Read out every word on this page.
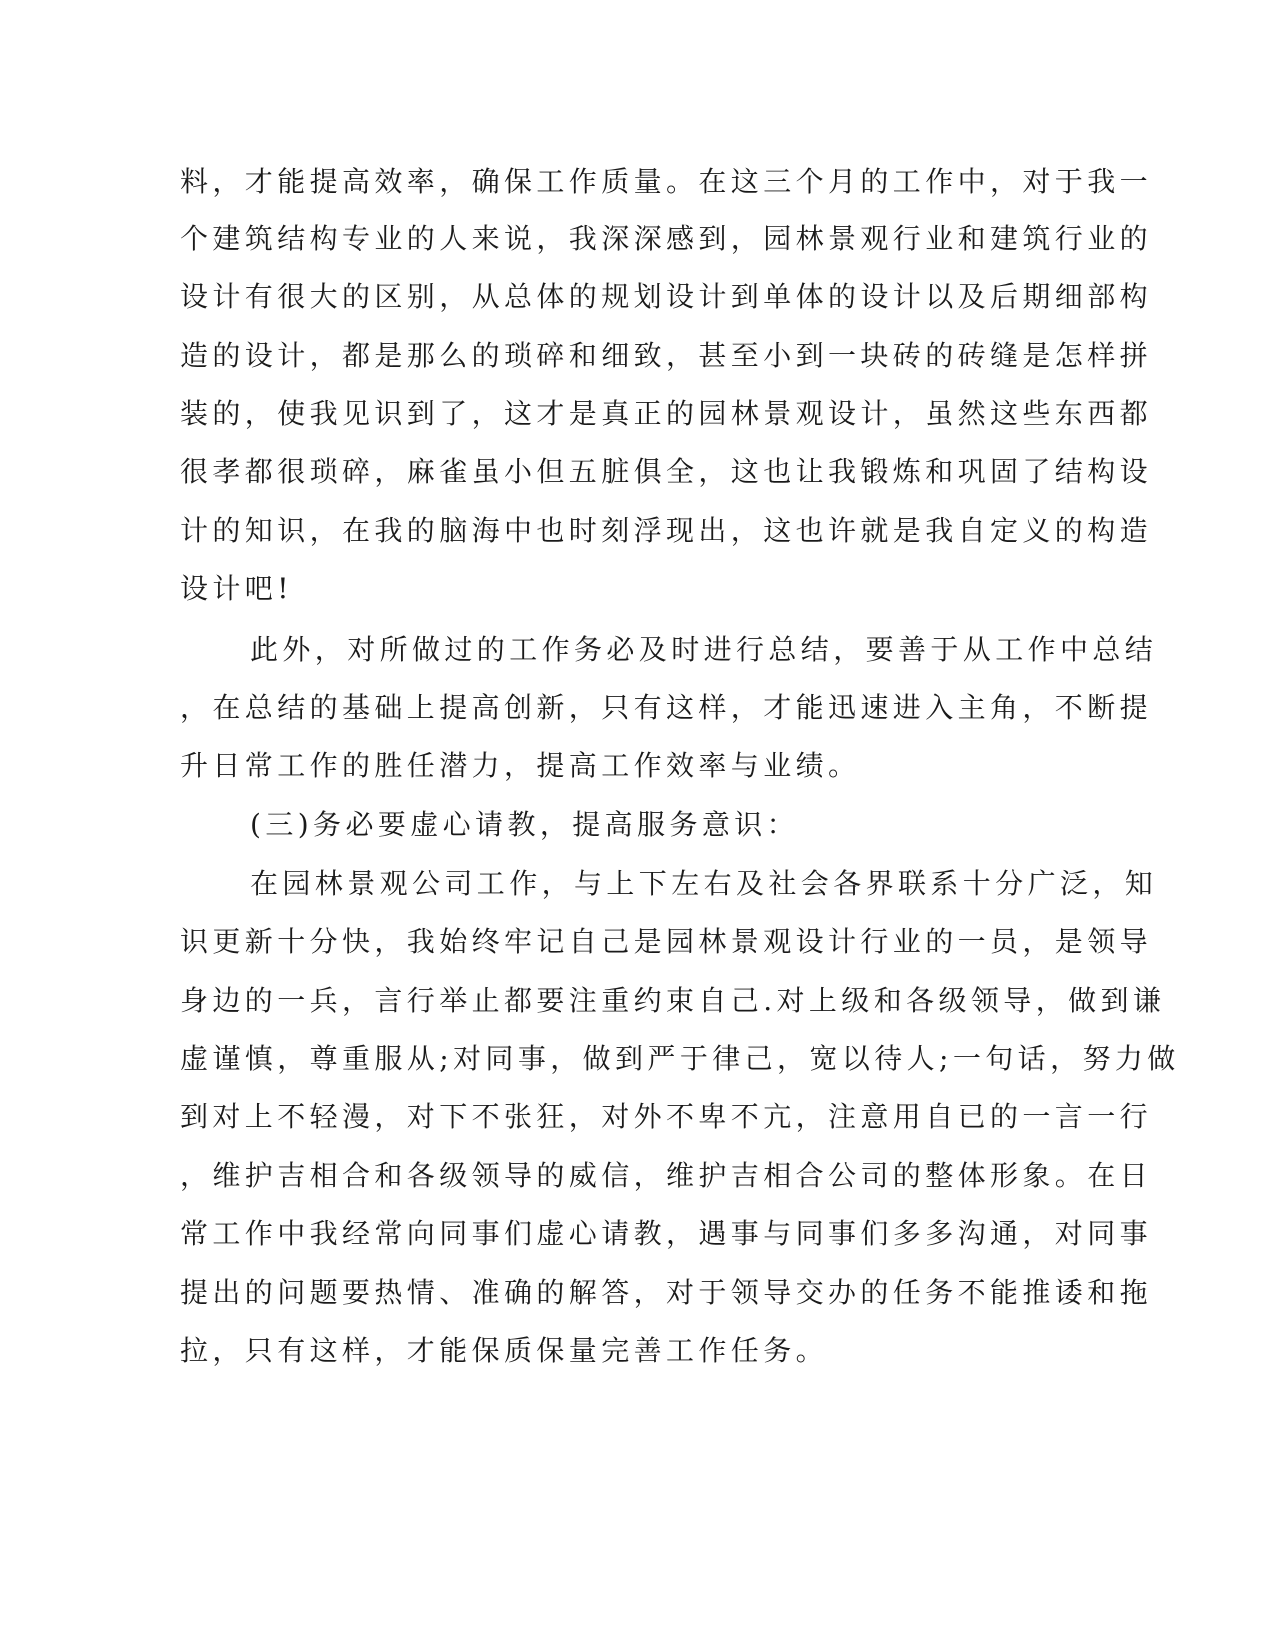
料，才能提高效率，确保工作质量。在这三个月的工作中，对于我一
个建筑结构专业的人来说，我深深感到，园林景观行业和建筑行业的
设计有很大的区别，从总体的规划设计到单体的设计以及后期细部构
造的设计，都是那么的琐碎和细致，甚至小到一块砖的砖缝是怎样拼
装的，使我见识到了，这才是真正的园林景观设计，虽然这些东西都
很孝都很琐碎，麻雀虽小但五脏俱全，这也让我锻炼和巩固了结构设
计的知识，在我的脑海中也时刻浮现出，这也许就是我自定义的构造
设计吧!
此外，对所做过的工作务必及时进行总结，要善于从工作中总结
，在总结的基础上提高创新，只有这样，才能迅速进入主角，不断提
升日常工作的胜任潜力，提高工作效率与业绩。
(三)务必要虚心请教，提高服务意识：
在园林景观公司工作，与上下左右及社会各界联系十分广泛，知
识更新十分快，我始终牢记自己是园林景观设计行业的一员，是领导
身边的一兵，言行举止都要注重约束自己.对上级和各级领导，做到谦
虚谨慎，尊重服从;对同事，做到严于律己，宽以待人;一句话，努力做
到对上不轻漫，对下不张狂，对外不卑不亢，注意用自已的一言一行
，维护吉相合和各级领导的威信，维护吉相合公司的整体形象。在日
常工作中我经常向同事们虚心请教，遇事与同事们多多沟通，对同事
提出的问题要热情、准确的解答，对于领导交办的任务不能推诿和拖
拉，只有这样，才能保质保量完善工作任务。
